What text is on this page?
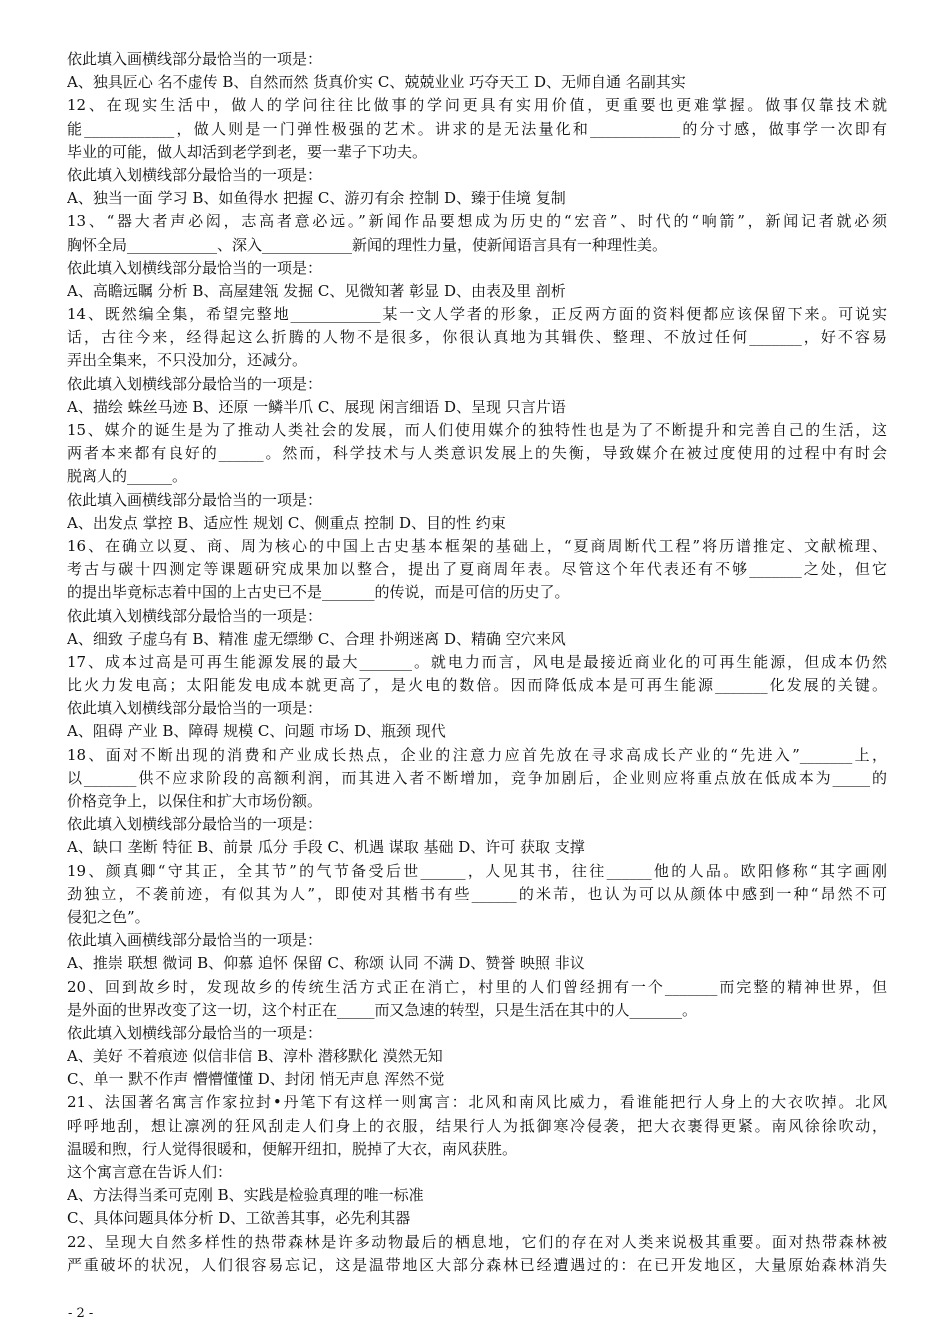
依此填入画横线部分最恰当的一项是：
A、独具匠心 名不虚传 B、自然而然 货真价实 C、兢兢业业 巧夺天工 D、无师自通 名副其实
12、在现实生活中，做人的学问往往比做事的学问更具有实用价值，更重要也更难掌握。做事仅靠技术就
能____________，做人则是一门弹性极强的艺术。讲求的是无法量化和____________的分寸感，做事学一次即有
毕业的可能，做人却活到老学到老，要一辈子下功夫。
依此填入划横线部分最恰当的一项是：
A、独当一面 学习 B、如鱼得水 把握 C、游刃有余 控制 D、臻于佳境 复制
13、“器大者声必闳，志高者意必远。”新闻作品要想成为历史的“宏音”、时代的“响箭”，新闻记者就必须
胸怀全局____________、深入____________新闻的理性力量，使新闻语言具有一种理性美。
依此填入划横线部分最恰当的一项是：
A、高瞻远瞩 分析 B、高屋建瓴 发掘 C、见微知著 彰显 D、由表及里 剖析
14、既然编全集，希望完整地____________某一文人学者的形象，正反两方面的资料便都应该保留下来。可说实
话，古往今来，经得起这么折腾的人物不是很多，你很认真地为其辑佚、整理、不放过任何_______，好不容易
弄出全集来，不只没加分，还减分。
依此填入划横线部分最恰当的一项是：
A、描绘 蛛丝马迹 B、还原 一鳞半爪 C、展现 闲言细语 D、呈现 只言片语
15、媒介的诞生是为了推动人类社会的发展，而人们使用媒介的独特性也是为了不断提升和完善自己的生活，这
两者本来都有良好的______。然而，科学技术与人类意识发展上的失衡，导致媒介在被过度使用的过程中有时会
脱离人的______。
依此填入画横线部分最恰当的一项是：
A、出发点 掌控 B、适应性 规划 C、侧重点 控制 D、目的性 约束
16、在确立以夏、商、周为核心的中国上古史基本框架的基础上，“夏商周断代工程”将历谱推定、文献梳理、
考古与碳十四测定等课题研究成果加以整合，提出了夏商周年表。尽管这个年代表还有不够_______之处，但它
的提出毕竟标志着中国的上古史已不是_______的传说，而是可信的历史了。
依此填入划横线部分最恰当的一项是：
A、细致 子虚乌有 B、精准 虚无缥缈 C、合理 扑朔迷离 D、精确 空穴来风
17、成本过高是可再生能源发展的最大_______。就电力而言，风电是最接近商业化的可再生能源，但成本仍然
比火力发电高；太阳能发电成本就更高了，是火电的数倍。因而降低成本是可再生能源_______化发展的关键。
依此填入划横线部分最恰当的一项是：
A、阻碍 产业 B、障碍 规模 C、问题 市场 D、瓶颈 现代
18、面对不断出现的消费和产业成长热点，企业的注意力应首先放在寻求高成长产业的“先进入”_______上，
以_______供不应求阶段的高额利润，而其进入者不断增加，竞争加剧后，企业则应将重点放在低成本为_____的
价格竞争上，以保住和扩大市场份额。
依此填入划横线部分最恰当的一项是：
A、缺口 垄断 特征 B、前景 瓜分 手段 C、机遇 谋取 基础 D、许可 获取 支撑
19、颜真卿“守其正，全其节”的气节备受后世______，人见其书，往往______他的人品。欧阳修称“其字画刚
劲独立，不袭前迹，有似其为人”，即使对其楷书有些______的米芾，也认为可以从颜体中感到一种“昂然不可
侵犯之色”。
依此填入画横线部分最恰当的一项是：
A、推崇 联想 微词 B、仰慕 追怀 保留 C、称颂 认同 不满 D、赞誉 映照 非议
20、回到故乡时，发现故乡的传统生活方式正在消亡，村里的人们曾经拥有一个_______而完整的精神世界，但
是外面的世界改变了这一切，这个村正在_____而又急速的转型，只是生活在其中的人_______。
依此填入划横线部分最恰当的一项是：
A、美好 不着痕迹 似信非信 B、淳朴 潜移默化 漠然无知
C、单一 默不作声 懵懵懂懂 D、封闭 悄无声息 浑然不觉
21、法国著名寓言作家拉封•丹笔下有这样一则寓言：北风和南风比威力，看谁能把行人身上的大衣吹掉。北风
呼呼地刮，想让凛冽的狂风刮走人们身上的衣服，结果行人为抵御寒冷侵袭，把大衣裹得更紧。南风徐徐吹动，
温暖和煦，行人觉得很暖和，便解开纽扣，脱掉了大衣，南风获胜。
这个寓言意在告诉人们：
A、方法得当柔可克刚 B、实践是检验真理的唯一标准
C、具体问题具体分析 D、工欲善其事，必先利其器
22、呈现大自然多样性的热带森林是许多动物最后的栖息地，它们的存在对人类来说极其重要。面对热带森林被
严重破坏的状况，人们很容易忘记，这是温带地区大部分森林已经遭遇过的：在已开发地区，大量原始森林消失
- 2 -
